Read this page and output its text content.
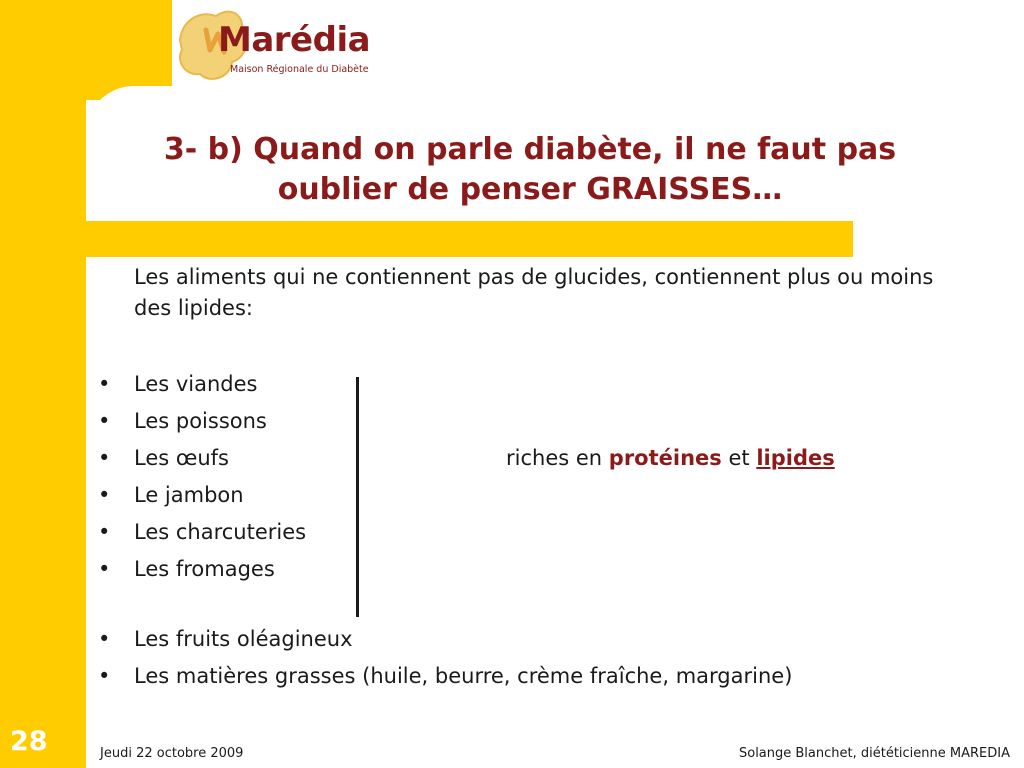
Marédia
Maison Régionale du Diabète
3- b) Quand on parle diabète, il ne faut pas oublier de penser GRAISSES…
Les aliments qui ne contiennent pas de glucides, contiennent plus ou moins des lipides:
• Les viandes
• Les poissons
• Les œufs
• Le jambon
• Les charcuteries
• Les fromages
riches en protéines et lipides
• Les fruits oléagineux
• Les matières grasses (huile, beurre, crème fraîche, margarine)
28	Jeudi 22 octobre 2009	Solange Blanchet, diététicienne MAREDIA
